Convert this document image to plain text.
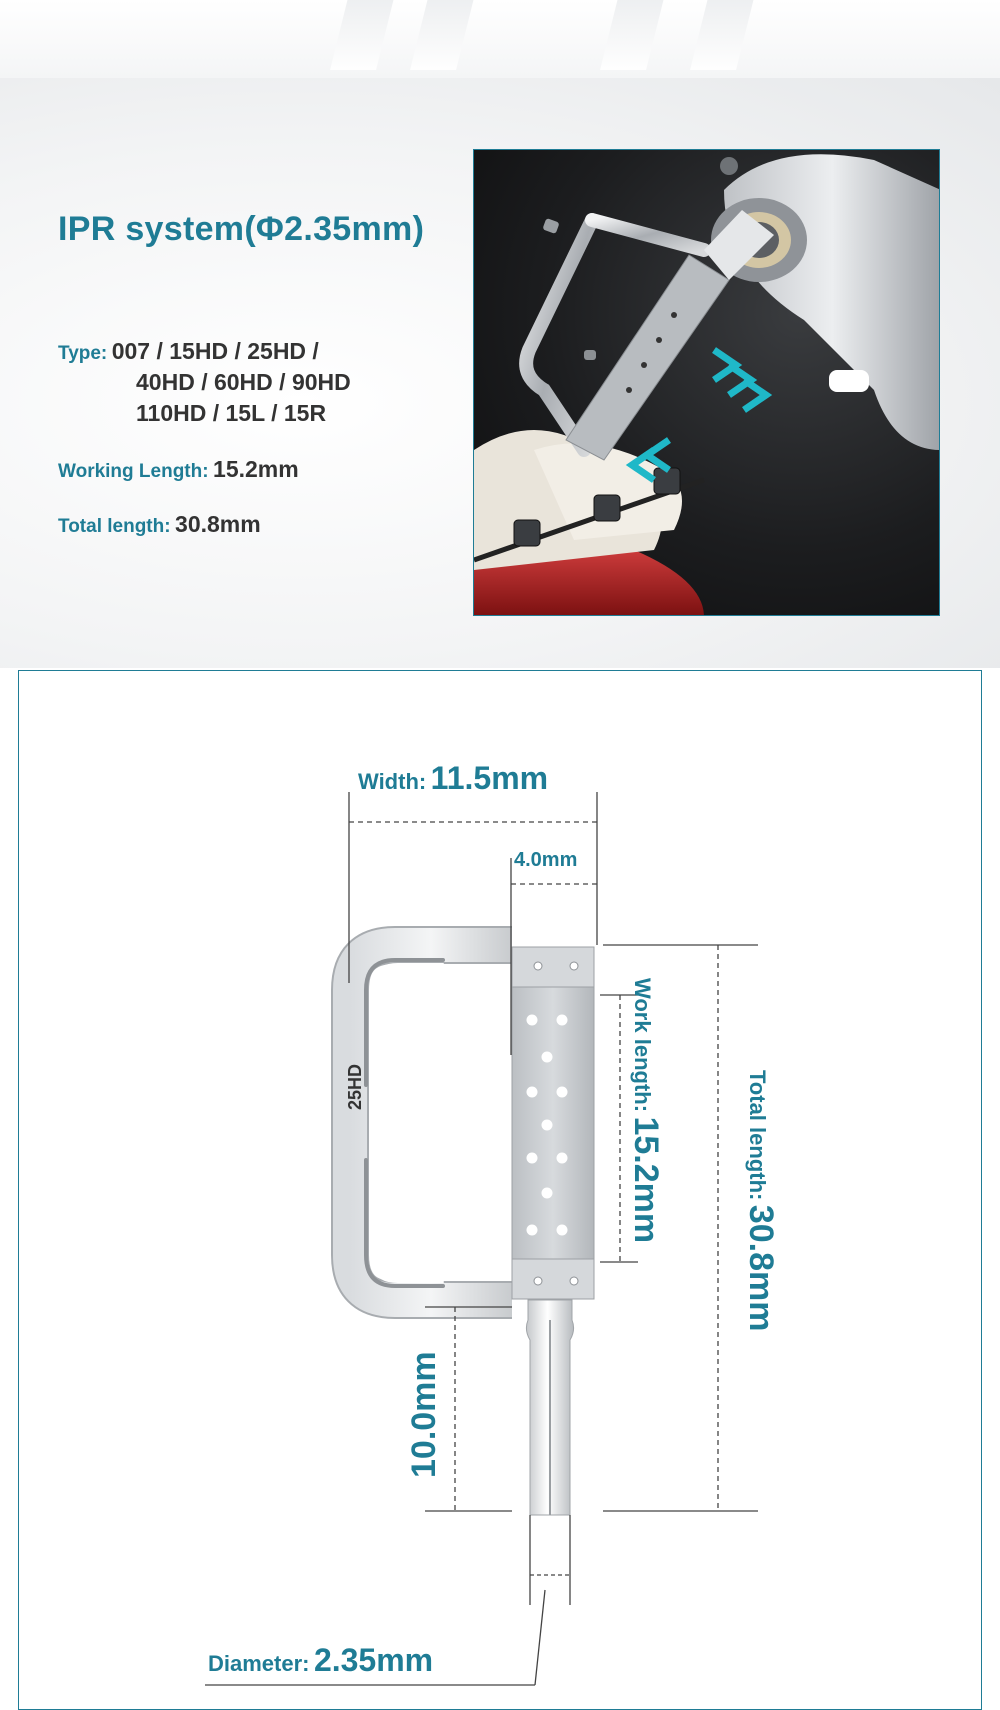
IPR system(Φ2.35mm)

Type: 007 / 15HD / 25HD /

40HD / 60HD / 90HD

110HD / 15L / 15R

Working Length: 15.2mm

Total length: 30.8mm

25HD

Width: 11.5mm

4.0mm

Work length: 15.2mm	Total length: 30.8mm

10.0mm

Diameter: 2.35mm
